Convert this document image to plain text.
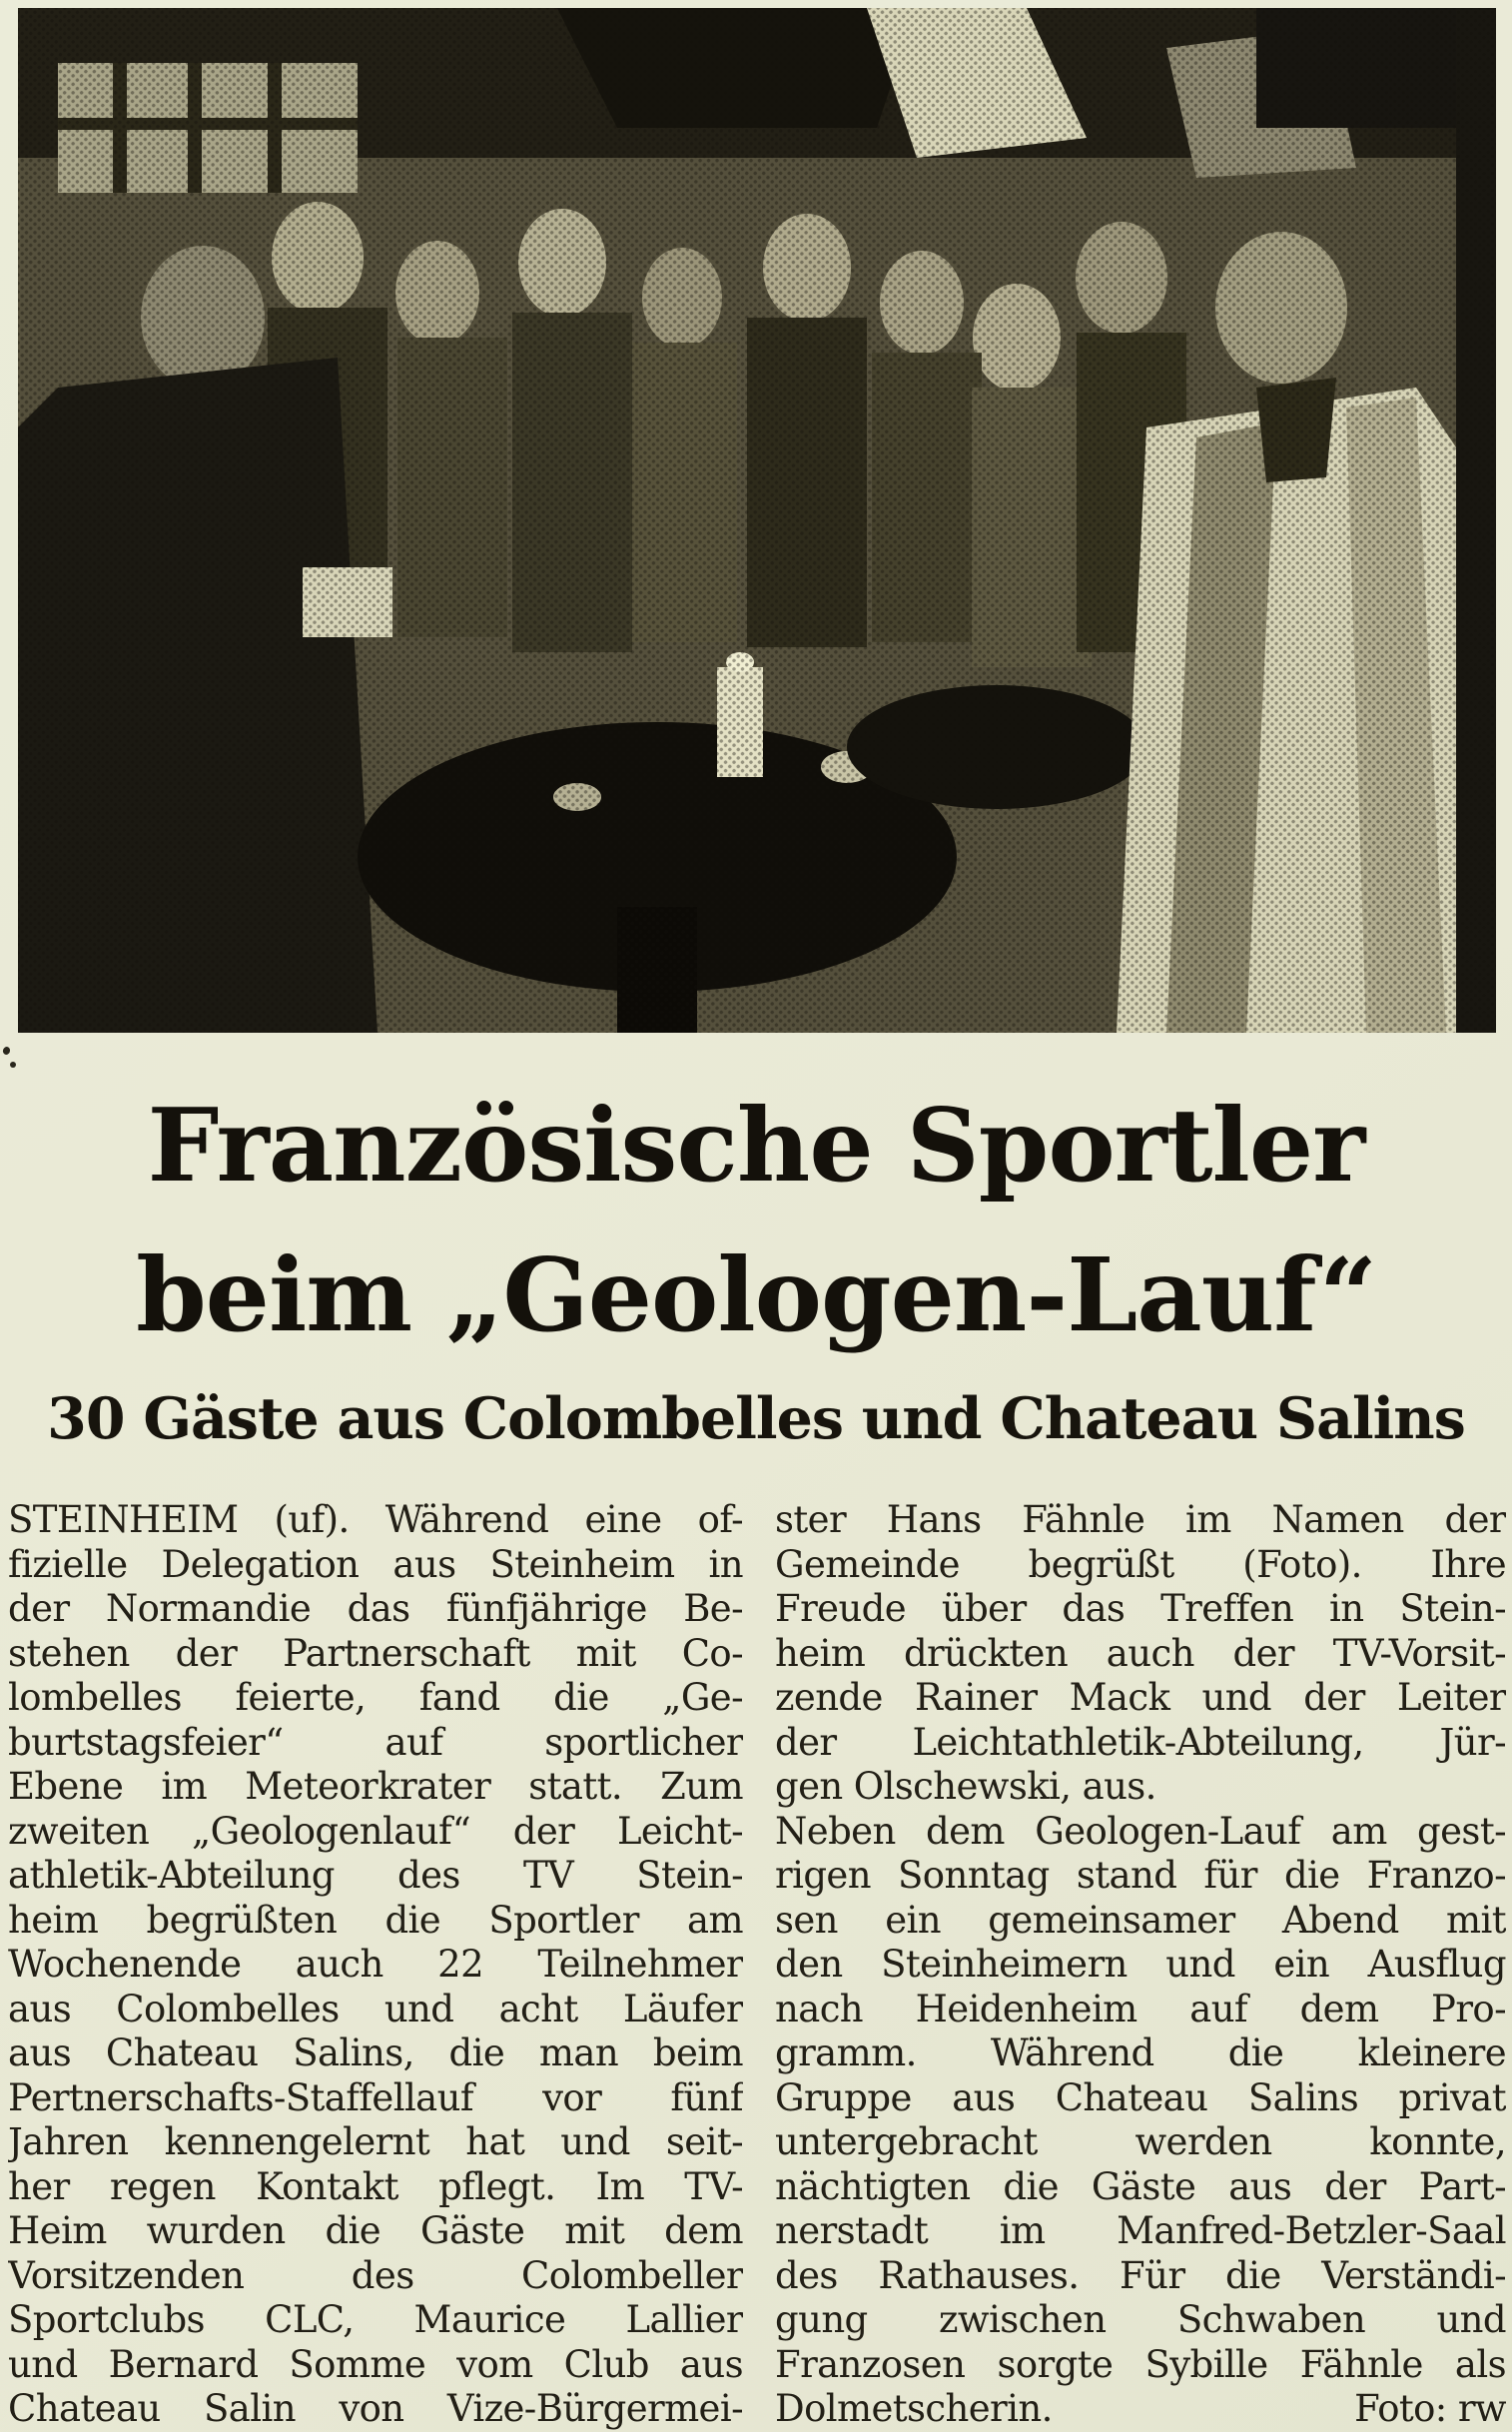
Französische Sportler
beim „Geologen-Lauf“
30 Gäste aus Colombelles und Chateau Salins
STEINHEIM (uf). Während eine of-
fizielle Delegation aus Steinheim in
der Normandie das fünfjährige Be-
stehen der Partnerschaft mit Co-
lombelles feierte, fand die „Ge-
burtstagsfeier“ auf sportlicher
Ebene im Meteorkrater statt. Zum
zweiten „Geologenlauf“ der Leicht-
athletik-Abteilung des TV Stein-
heim begrüßten die Sportler am
Wochenende auch 22 Teilnehmer
aus Colombelles und acht Läufer
aus Chateau Salins, die man beim
Pertnerschafts-Staffellauf vor fünf
Jahren kennengelernt hat und seit-
her regen Kontakt pflegt. Im TV-
Heim wurden die Gäste mit dem
Vorsitzenden des Colombeller
Sportclubs CLC, Maurice Lallier
und Bernard Somme vom Club aus
Chateau Salin von Vize-Bürgermei-
ster Hans Fähnle im Namen der
Gemeinde begrüßt (Foto). Ihre
Freude über das Treffen in Stein-
heim drückten auch der TV-Vorsit-
zende Rainer Mack und der Leiter
der Leichtathletik-Abteilung, Jür-
gen Olschewski, aus.
Neben dem Geologen-Lauf am gest-
rigen Sonntag stand für die Franzo-
sen ein gemeinsamer Abend mit
den Steinheimern und ein Ausflug
nach Heidenheim auf dem Pro-
gramm. Während die kleinere
Gruppe aus Chateau Salins privat
untergebracht werden konnte,
nächtigten die Gäste aus der Part-
nerstadt im Manfred-Betzler-Saal
des Rathauses. Für die Verständi-
gung zwischen Schwaben und
Franzosen sorgte Sybille Fähnle als
Dolmetscherin.	Foto: rw
